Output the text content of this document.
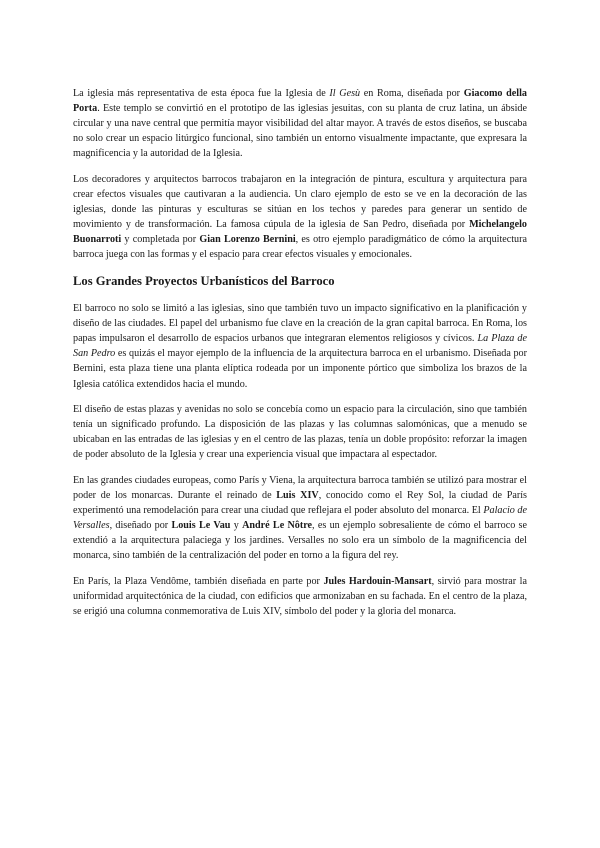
La iglesia más representativa de esta época fue la Iglesia de Il Gesù en Roma, diseñada por Giacomo della Porta. Este templo se convirtió en el prototipo de las iglesias jesuitas, con su planta de cruz latina, un ábside circular y una nave central que permitía mayor visibilidad del altar mayor. A través de estos diseños, se buscaba no solo crear un espacio litúrgico funcional, sino también un entorno visualmente impactante, que expresara la magnificencia y la autoridad de la Iglesia.

Los decoradores y arquitectos barrocos trabajaron en la integración de pintura, escultura y arquitectura para crear efectos visuales que cautivaran a la audiencia. Un claro ejemplo de esto se ve en la decoración de las iglesias, donde las pinturas y esculturas se sitúan en los techos y paredes para generar un sentido de movimiento y de transformación. La famosa cúpula de la iglesia de San Pedro, diseñada por Michelangelo Buonarroti y completada por Gian Lorenzo Bernini, es otro ejemplo paradigmático de cómo la arquitectura barroca juega con las formas y el espacio para crear efectos visuales y emocionales.

Los Grandes Proyectos Urbanísticos del Barroco

El barroco no solo se limitó a las iglesias, sino que también tuvo un impacto significativo en la planificación y diseño de las ciudades. El papel del urbanismo fue clave en la creación de la gran capital barroca. En Roma, los papas impulsaron el desarrollo de espacios urbanos que integraran elementos religiosos y cívicos. La Plaza de San Pedro es quizás el mayor ejemplo de la influencia de la arquitectura barroca en el urbanismo. Diseñada por Bernini, esta plaza tiene una planta elíptica rodeada por un imponente pórtico que simboliza los brazos de la Iglesia católica extendidos hacia el mundo.

El diseño de estas plazas y avenidas no solo se concebía como un espacio para la circulación, sino que también tenía un significado profundo. La disposición de las plazas y las columnas salomónicas, que a menudo se ubicaban en las entradas de las iglesias y en el centro de las plazas, tenía un doble propósito: reforzar la imagen de poder absoluto de la Iglesia y crear una experiencia visual que impactara al espectador.

En las grandes ciudades europeas, como París y Viena, la arquitectura barroca también se utilizó para mostrar el poder de los monarcas. Durante el reinado de Luis XIV, conocido como el Rey Sol, la ciudad de París experimentó una remodelación para crear una ciudad que reflejara el poder absoluto del monarca. El Palacio de Versalles, diseñado por Louis Le Vau y André Le Nôtre, es un ejemplo sobresaliente de cómo el barroco se extendió a la arquitectura palaciega y los jardines. Versalles no solo era un símbolo de la magnificencia del monarca, sino también de la centralización del poder en torno a la figura del rey.

En París, la Plaza Vendôme, también diseñada en parte por Jules Hardouin-Mansart, sirvió para mostrar la uniformidad arquitectónica de la ciudad, con edificios que armonizaban en su fachada. En el centro de la plaza, se erigió una columna conmemorativa de Luis XIV, símbolo del poder y la gloria del monarca.
